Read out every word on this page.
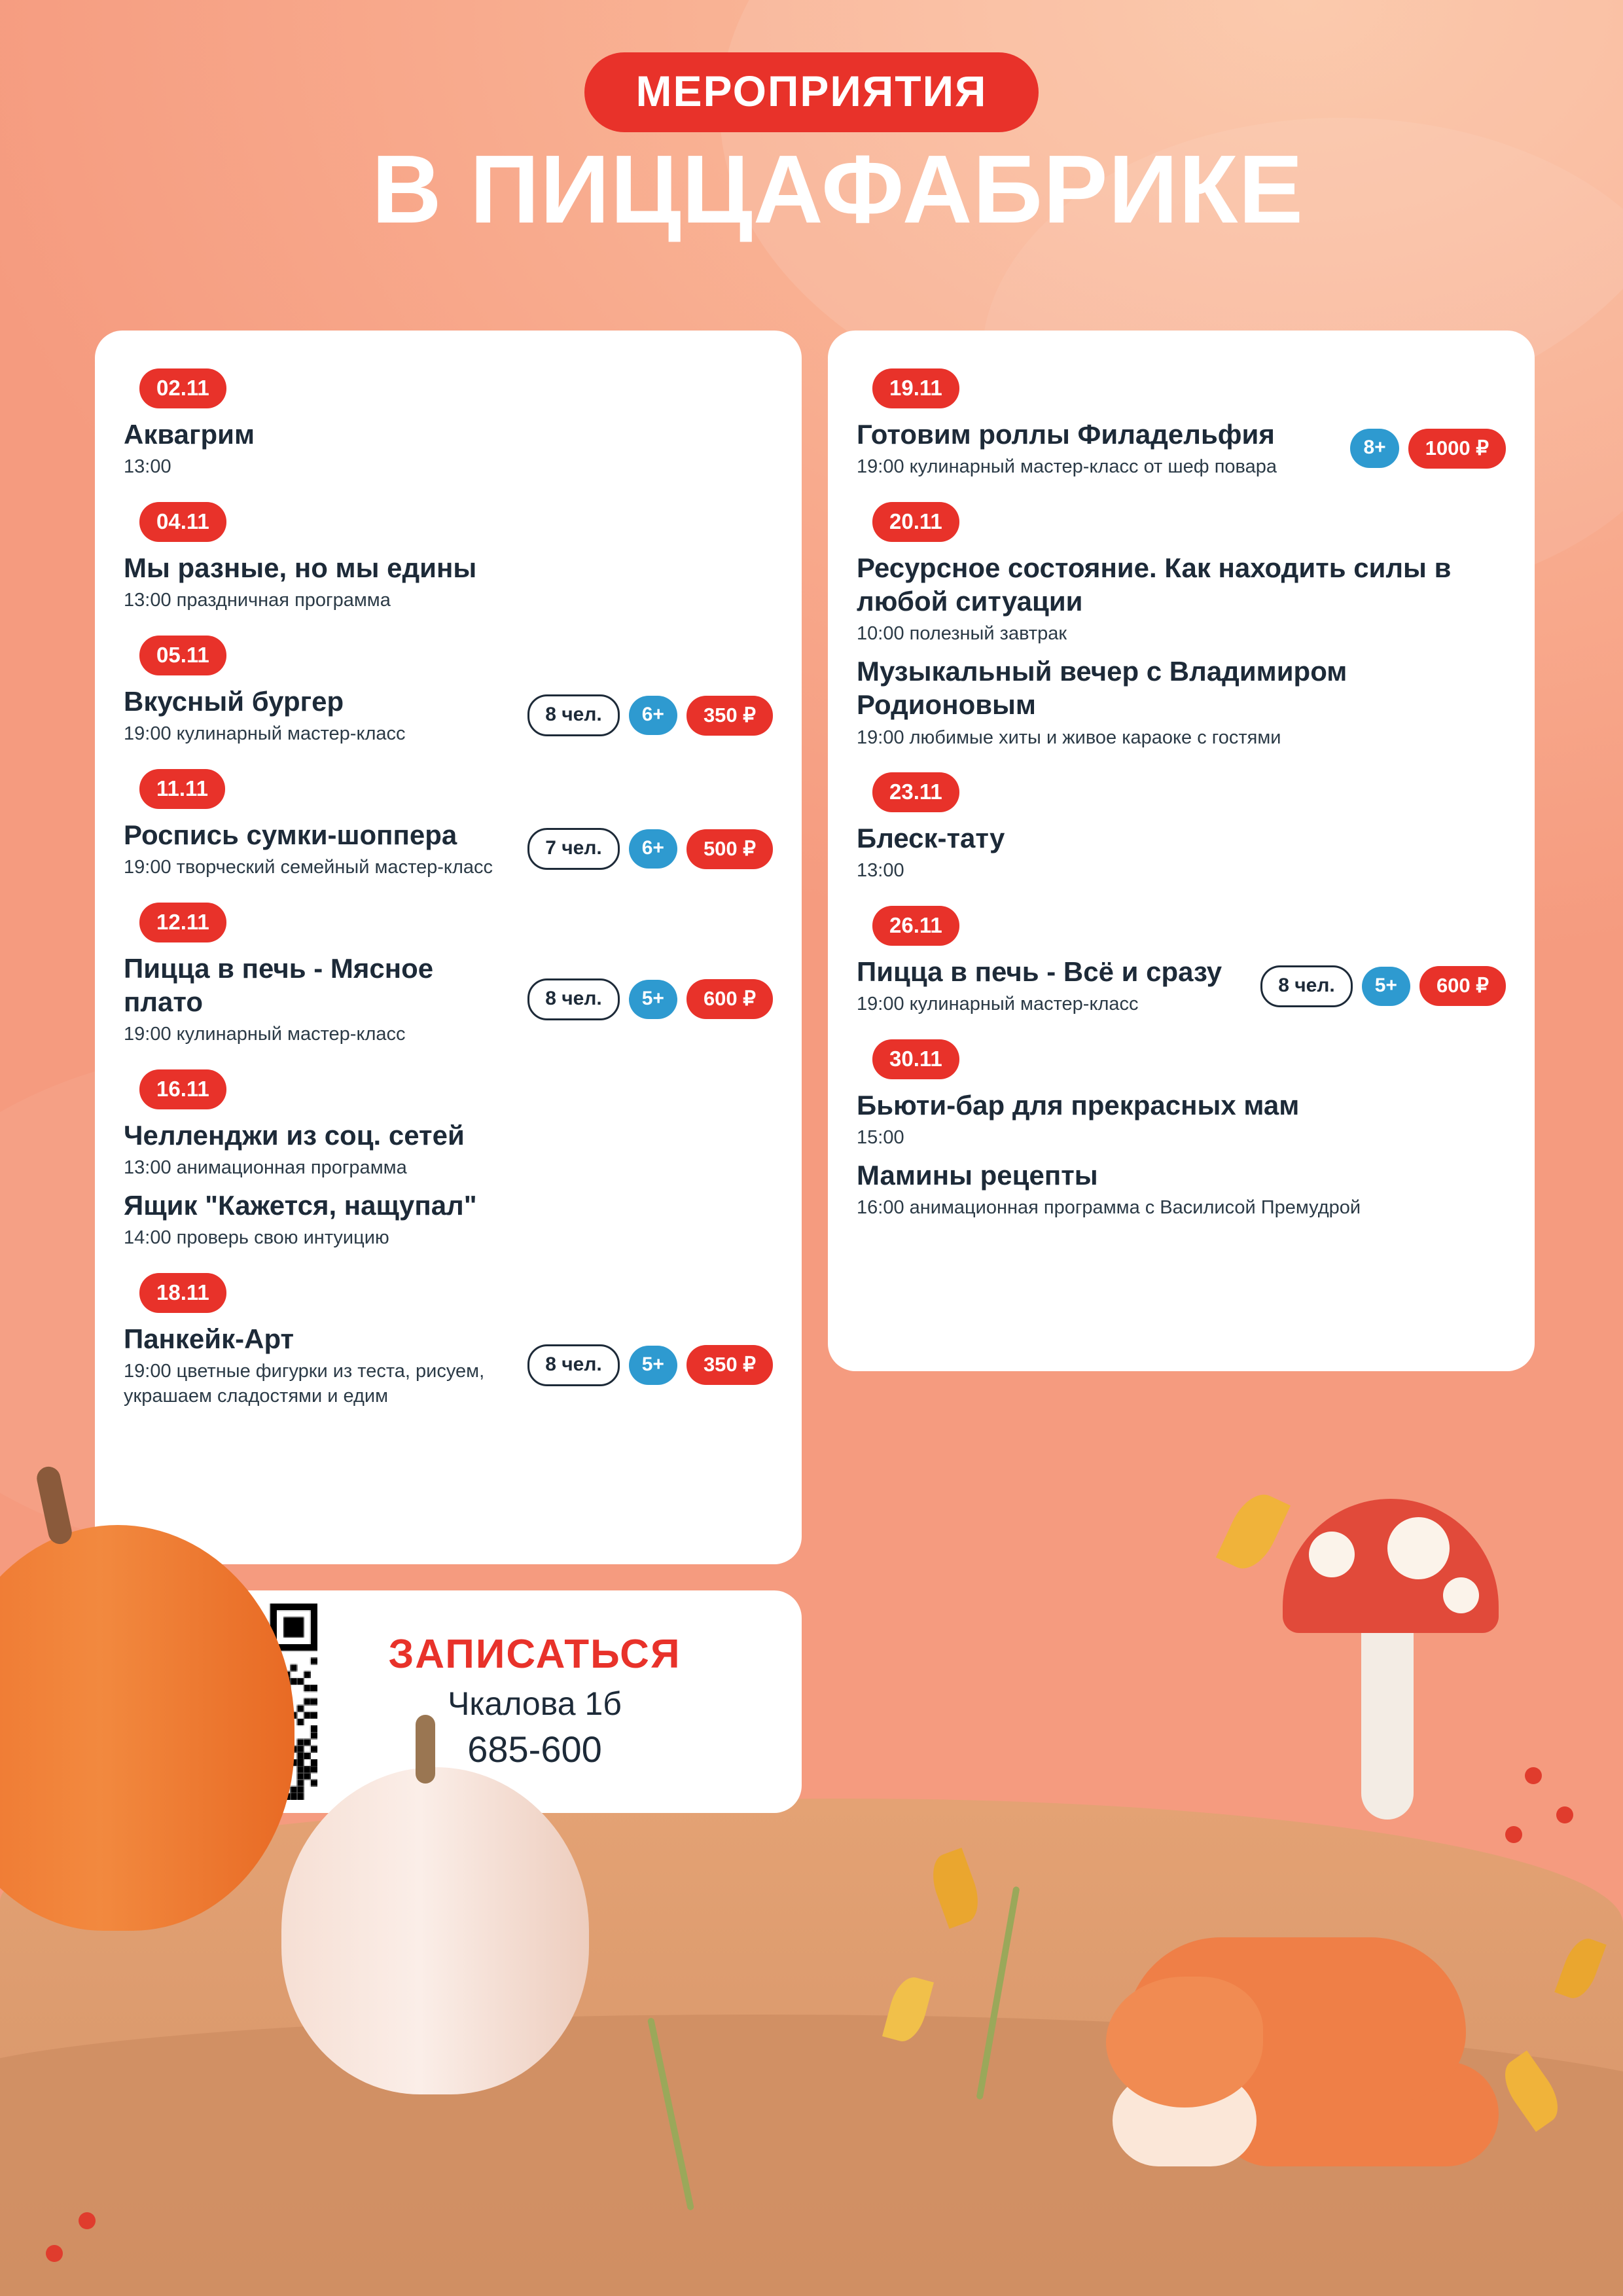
МЕРОПРИЯТИЯ
В ПИЦЦАФАБРИКЕ
02.11
Аквагрим
13:00
04.11
Мы разные, но мы едины
13:00 праздничная программа
05.11
Вкусный бургер
19:00 кулинарный мастер-класс
8 чел.	6+	350 ₽
11.11
Роспись сумки-шоппера
19:00 творческий семейный мастер-класс
7 чел.	6+	500 ₽
12.11
Пицца в печь - Мясное плато
19:00 кулинарный мастер-класс
8 чел.	5+	600 ₽
16.11
Челленджи из соц. сетей
13:00 анимационная программа
Ящик "Кажется, нащупал"
14:00 проверь свою интуицию
18.11
Панкейк-Арт
19:00 цветные фигурки из теста, рисуем, украшаем сладостями и едим
8 чел.	5+	350 ₽
19.11
Готовим роллы Филадельфия
19:00 кулинарный мастер-класс от шеф повара
8+	1000 ₽
20.11
Ресурсное состояние. Как находить силы в любой ситуации
10:00 полезный завтрак
Музыкальный вечер с Владимиром Родионовым
19:00 любимые хиты и живое караоке с гостями
23.11
Блеск-тату
13:00
26.11
Пицца в печь - Всё и сразу
19:00 кулинарный мастер-класс
8 чел.	5+	600 ₽
30.11
Бьюти-бар для прекрасных мам
15:00
Мамины рецепты
16:00 анимационная программа с Василисой Премудрой
ЗАПИСАТЬСЯ
Чкалова 1б
685-600
